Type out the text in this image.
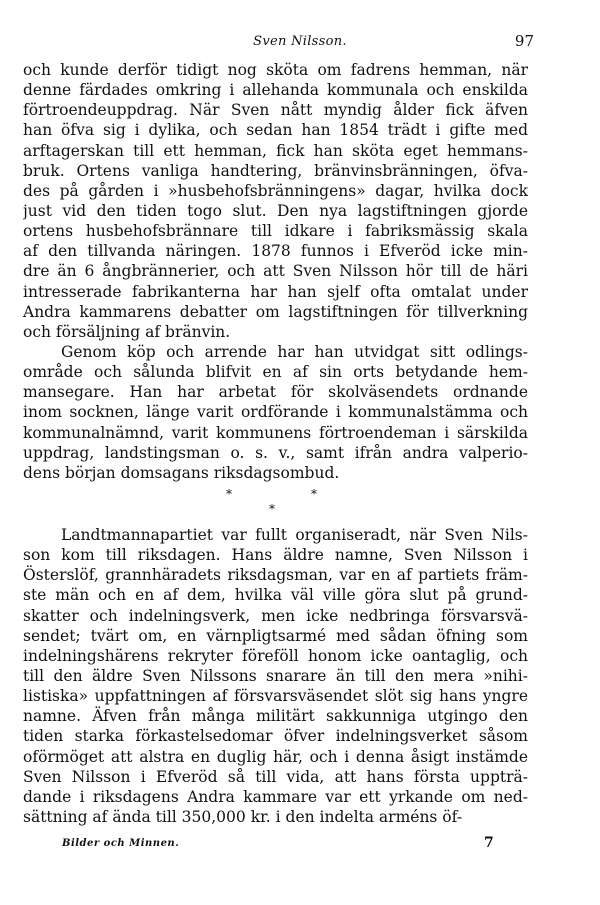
Sven Nilsson.	97
och kunde derför tidigt nog sköta om fadrens hemman, när
denne färdades omkring i allehanda kommunala och enskilda
förtroendeuppdrag. När Sven nått myndig ålder fick äfven
han öfva sig i dylika, och sedan han 1854 trädt i gifte med
arftagerskan till ett hemman, fick han sköta eget hemmans-
bruk. Ortens vanliga handtering, bränvinsbränningen, öfva-
des på gården i »husbehofsbränningens» dagar, hvilka dock
just vid den tiden togo slut. Den nya lagstiftningen gjorde
ortens husbehofsbrännare till idkare i fabriksmässig skala
af den tillvanda näringen. 1878 funnos i Efveröd icke min-
dre än 6 ångbrännerier, och att Sven Nilsson hör till de häri
intresserade fabrikanterna har han sjelf ofta omtalat under
Andra kammarens debatter om lagstiftningen för tillverkning
och försäljning af bränvin.
Genom köp och arrende har han utvidgat sitt odlings-
område och sålunda blifvit en af sin orts betydande hem-
mansegare. Han har arbetat för skolväsendets ordnande
inom socknen, länge varit ordförande i kommunalstämma och
kommunalnämnd, varit kommunens förtroendeman i särskilda
uppdrag, landstingsman o. s. v., samt ifrån andra valperio-
dens början domsagans riksdagsombud.
*	*
*
Landtmannapartiet var fullt organiseradt, när Sven Nils-
son kom till riksdagen. Hans äldre namne, Sven Nilsson i
Österslöf, grannhäradets riksdagsman, var en af partiets främ-
ste män och en af dem, hvilka väl ville göra slut på grund-
skatter och indelningsverk, men icke nedbringa försvarsvä-
sendet; tvärt om, en värnpligtsarmé med sådan öfning som
indelningshärens rekryter föreföll honom icke oantaglig, och
till den äldre Sven Nilssons snarare än till den mera »nihi-
listiska» uppfattningen af försvarsväsendet slöt sig hans yngre
namne. Äfven från många militärt sakkunniga utgingo den
tiden starka förkastelsedomar öfver indelningsverket såsom
oförmöget att alstra en duglig här, och i denna åsigt instämde
Sven Nilsson i Efveröd så till vida, att hans första uppträ-
dande i riksdagens Andra kammare var ett yrkande om ned-
sättning af ända till 350,000 kr. i den indelta arméns öf-
Bilder och Minnen.	7
